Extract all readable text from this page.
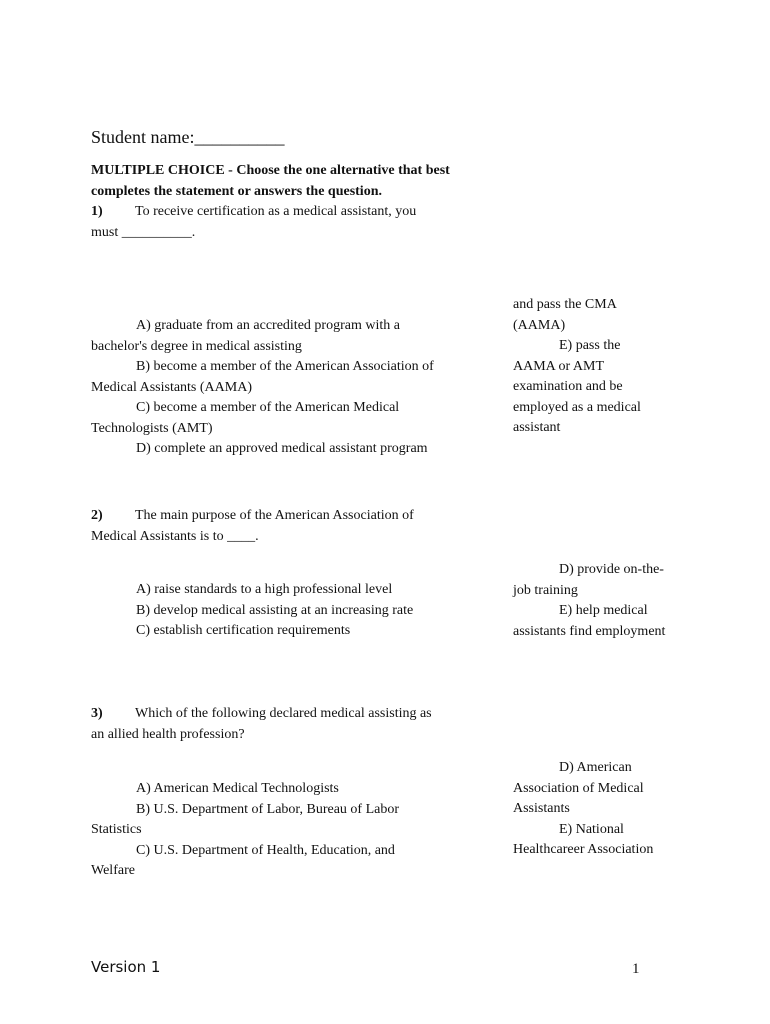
Student name:__________
MULTIPLE CHOICE - Choose the one alternative that best completes the statement or answers the question.
1) To receive certification as a medical assistant, you
must __________.
A) graduate from an accredited program with a
bachelor's degree in medical assisting
B) become a member of the American Association of
Medical Assistants (AAMA)
C) become a member of the American Medical
Technologists (AMT)
D) complete an approved medical assistant program
and pass the CMA
(AAMA)
E) pass the
AAMA or AMT
examination and be
employed as a medical
assistant
2) The main purpose of the American Association of
Medical Assistants is to ____.
A) raise standards to a high professional level
B) develop medical assisting at an increasing rate
C) establish certification requirements
D) provide on-the-
job training
E) help medical
assistants find employment
3) Which of the following declared medical assisting as
an allied health profession?
A) American Medical Technologists
B) U.S. Department of Labor, Bureau of Labor
Statistics
C) U.S. Department of Health, Education, and
Welfare
D) American
Association of Medical
Assistants
E) National
Healthcareer Association
Version 1	1
